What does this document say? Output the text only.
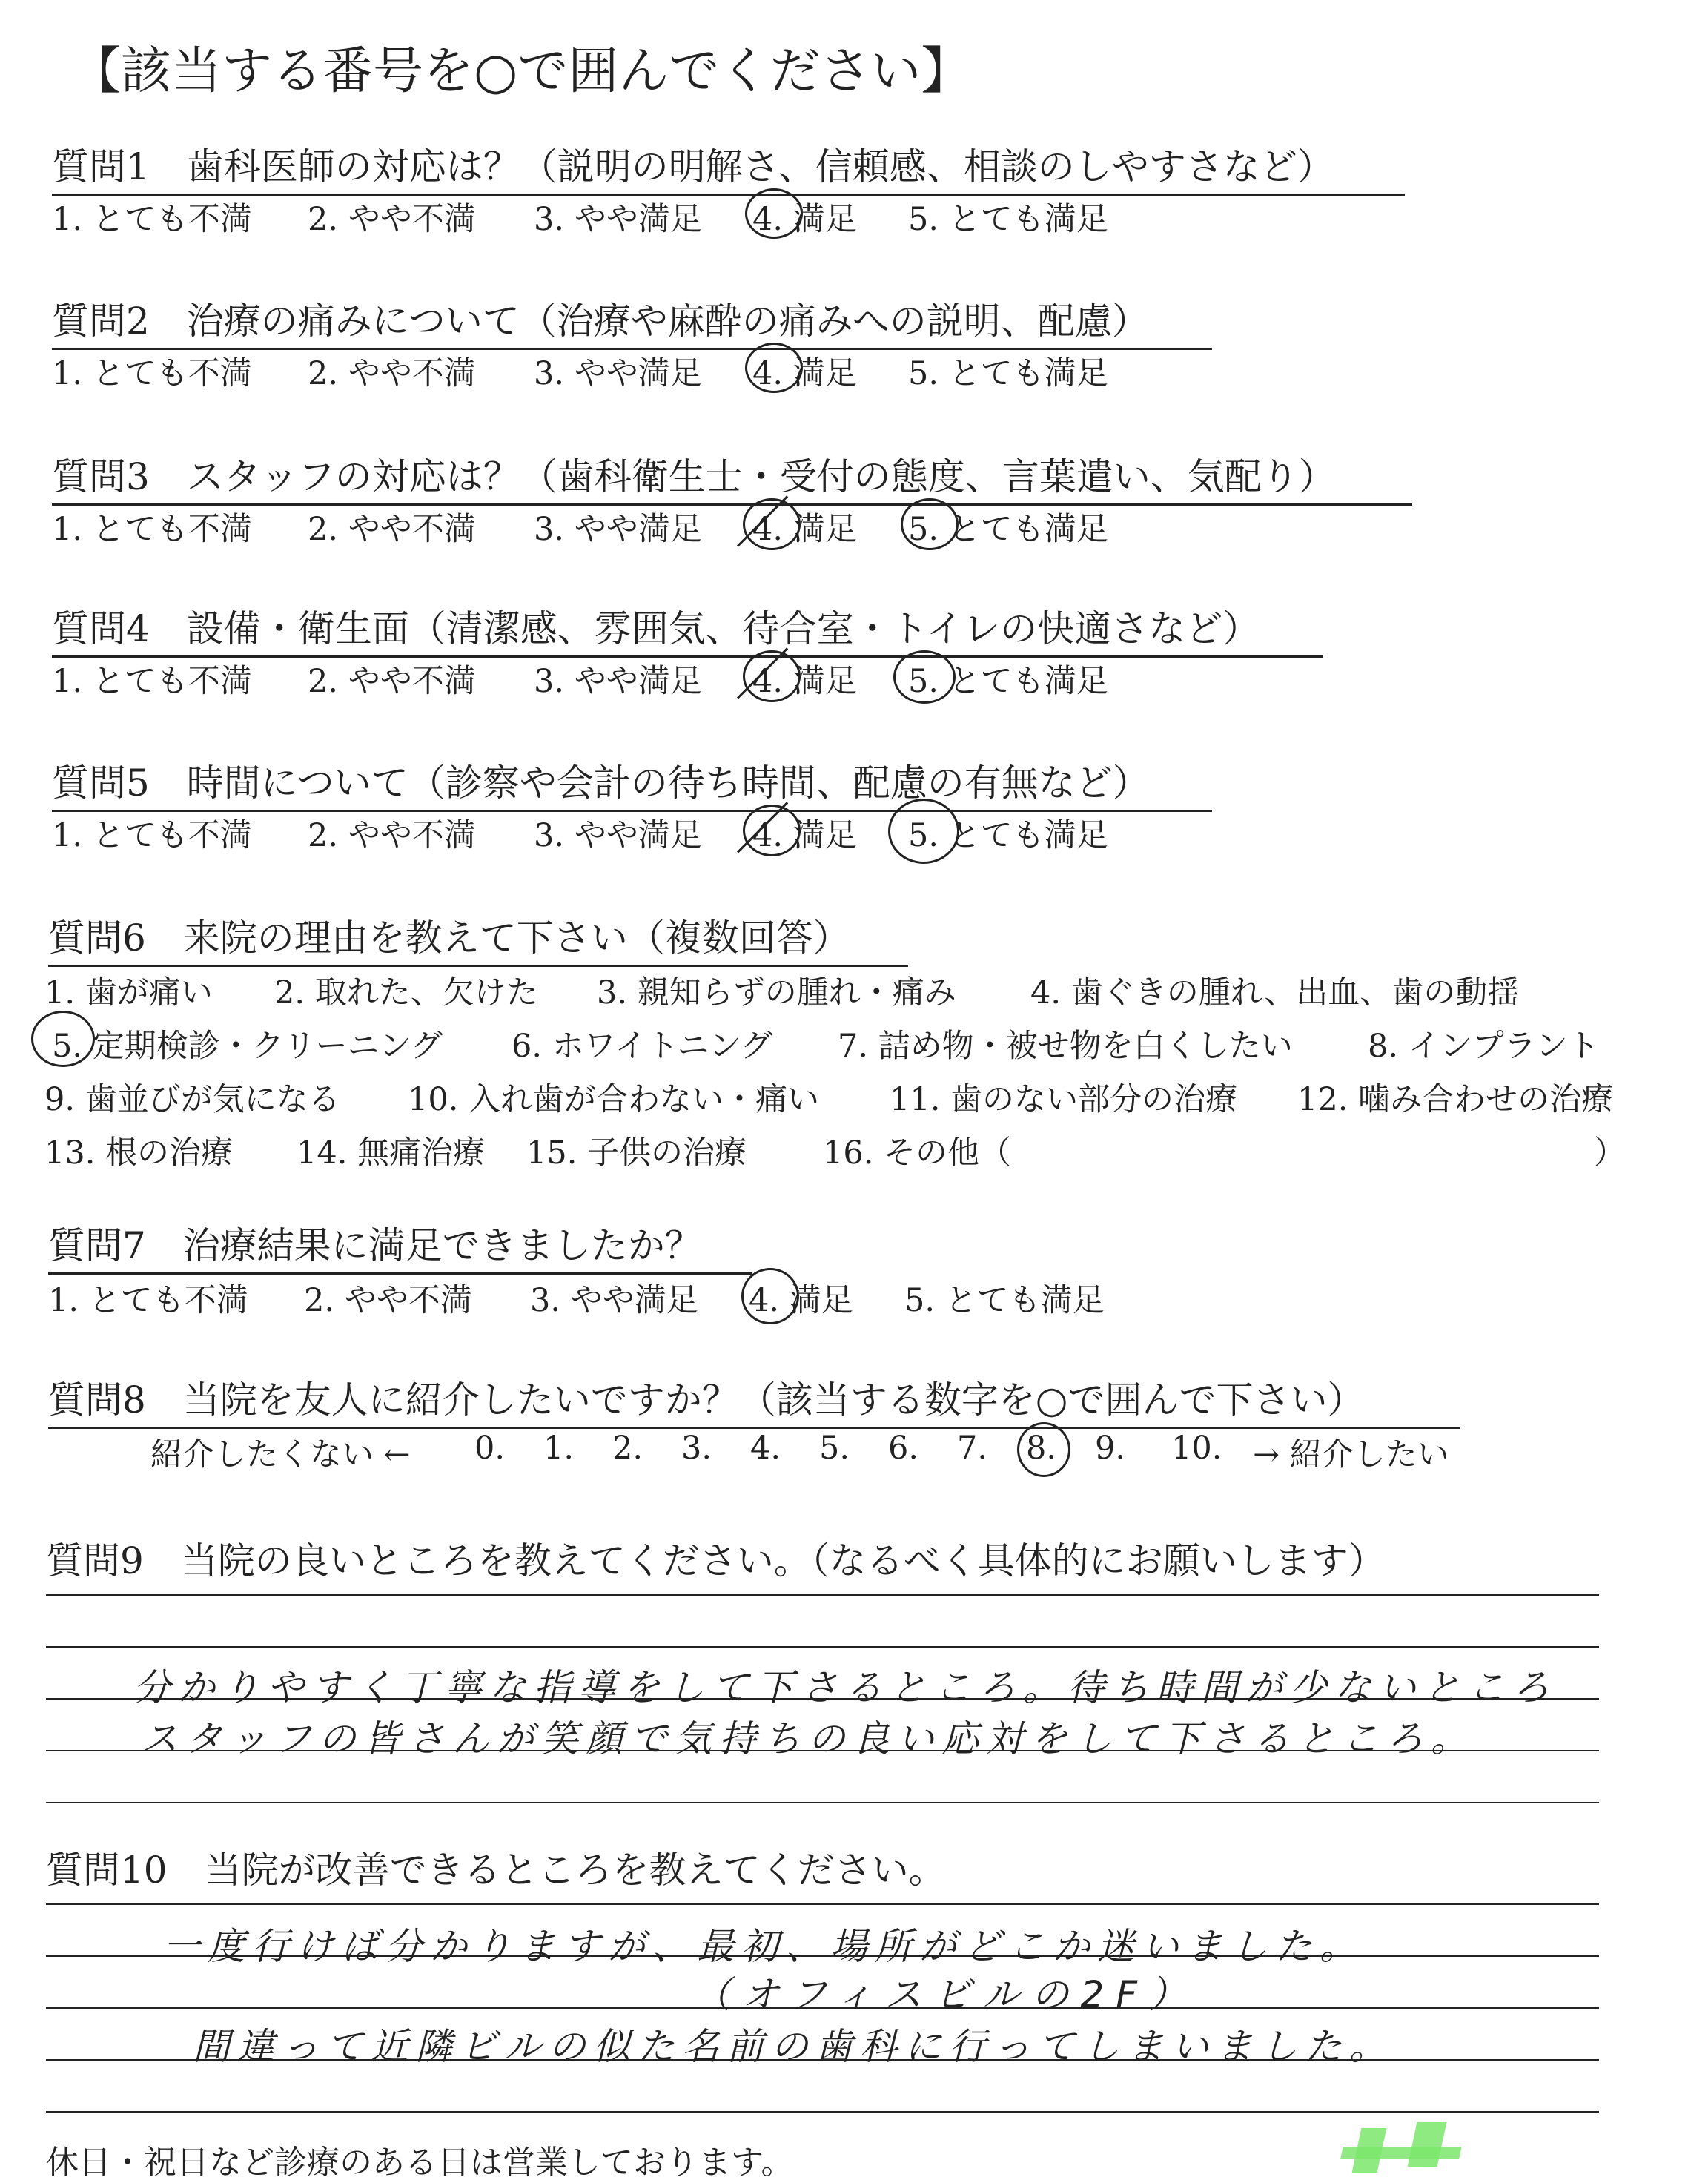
【該当する番号を○で囲んでください】
質問1　歯科医師の対応は？（説明の明解さ、信頼感、相談のしやすさなど）
1. とても不満 2. やや不満 3. やや満足 4. 満足 5. とても満足
質問2　治療の痛みについて（治療や麻酔の痛みへの説明、配慮）
1. とても不満 2. やや不満 3. やや満足 4. 満足 5. とても満足
質問3　スタッフの対応は？（歯科衛生士・受付の態度、言葉遣い、気配り）
1. とても不満 2. やや不満 3. やや満足 4. 満足 5. とても満足
質問4　設備・衛生面（清潔感、雰囲気、待合室・トイレの快適さなど）
1. とても不満 2. やや不満 3. やや満足 4. 満足 5. とても満足
質問5　時間について（診察や会計の待ち時間、配慮の有無など）
1. とても不満 2. やや不満 3. やや満足 4. 満足 5. とても満足
質問6　来院の理由を教えて下さい（複数回答）
1. 歯が痛い 2. 取れた、欠けた 3. 親知らずの腫れ・痛み 4. 歯ぐきの腫れ、出血、歯の動揺
5. 定期検診・クリーニング 6. ホワイトニング 7. 詰め物・被せ物を白くしたい 8. インプラント
9. 歯並びが気になる 10. 入れ歯が合わない・痛い 11. 歯のない部分の治療 12. 噛み合わせの治療
13. 根の治療 14. 無痛治療 15. 子供の治療 16. その他（	）
質問7　治療結果に満足できましたか？
1. とても不満 2. やや不満 3. やや満足 4. 満足 5. とても満足
質問8　当院を友人に紹介したいですか？（該当する数字を○で囲んで下さい）
紹介したくない ← 0. 1. 2. 3. 4. 5. 6. 7. 8. 9. 10. → 紹介したい
質問9　当院の良いところを教えてください。（なるべく具体的にお願いします）
分かりやすく丁寧な指導をして下さるところ。待ち時間が少ないところ
スタッフの皆さんが笑顔で気持ちの良い応対をして下さるところ。
質問10　当院が改善できるところを教えてください。
一度行けば分かりますが、最初、場所がどこか迷いました。
（オフィスビルの2F）
間違って近隣ビルの似た名前の歯科に行ってしまいました。
休日・祝日など診療のある日は営業しております。
